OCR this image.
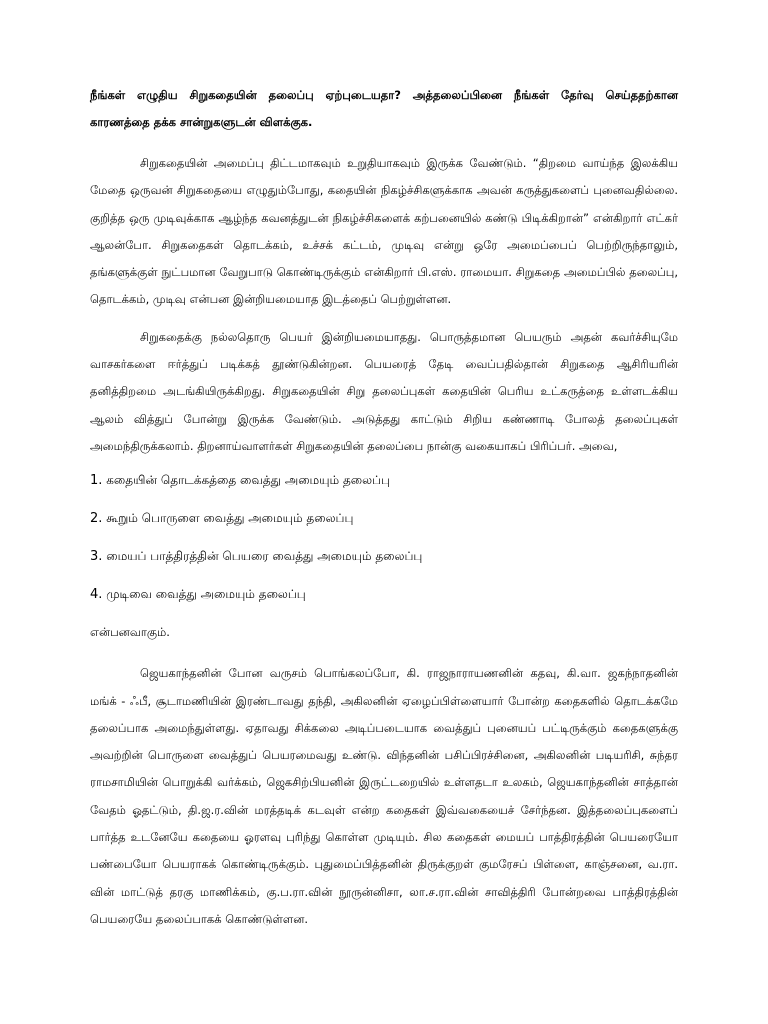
நீங்கள் எழுதிய சிறுகதையின் தலைப்பு ஏற்புடையதா? அத்தலைப்பினை நீங்கள் தேர்வு செய்ததற்கான காரணத்தை தக்க சான்றுகளுடன் விளக்குக.

சிறுகதையின் அமைப்பு திட்டமாகவும் உறுதியாகவும் இருக்க வேண்டும். “திறமை வாய்ந்த இலக்கிய மேதை ஒருவன் சிறுகதையை எழுதும்போது, கதையின் நிகழ்ச்சிகளுக்காக அவன் கருத்துகளைப் புனைவதில்லை. குறித்த ஒரு முடிவுக்காக ஆழ்ந்த கவனத்துடன் நிகழ்ச்சிகளைக் கற்பனையில் கண்டு பிடிக்கிறான்” என்கிறார் எட்கர் ஆலன்போ. சிறுகதைகள் தொடக்கம், உச்சக் கட்டம், முடிவு என்று ஒரே அமைப்பைப் பெற்றிருந்தாலும், தங்களுக்குள் நுட்பமான வேறுபாடு கொண்டிருக்கும் என்கிறார் பி.எஸ். ராமையா. சிறுகதை அமைப்பில் தலைப்பு, தொடக்கம், முடிவு என்பன இன்றியமையாத இடத்தைப் பெற்றுள்ளன.

சிறுகதைக்கு நல்லதொரு பெயர் இன்றியமையாதது. பொருத்தமான பெயரும் அதன் கவர்ச்சியுமே வாசகர்களை ஈர்த்துப் படிக்கத் தூண்டுகின்றன. பெயரைத் தேடி வைப்பதில்தான் சிறுகதை ஆசிரியரின் தனித்திறமை அடங்கியிருக்கிறது. சிறுகதையின் சிறு தலைப்புகள் கதையின் பெரிய உட்கருத்தை உள்ளடக்கிய ஆலம் வித்துப் போன்று இருக்க வேண்டும். அடுத்தது காட்டும் சிறிய கண்ணாடி போலத் தலைப்புகள் அமைந்திருக்கலாம். திறனாய்வாளர்கள் சிறுகதையின் தலைப்பை நான்கு வகையாகப் பிரிப்பர். அவை,

1. கதையின் தொடக்கத்தை வைத்து அமையும் தலைப்பு
2. கூறும் பொருளை வைத்து அமையும் தலைப்பு
3. மையப் பாத்திரத்தின் பெயரை வைத்து அமையும் தலைப்பு
4. முடிவை வைத்து அமையும் தலைப்பு

என்பனவாகும்.

ஜெயகாந்தனின் போன வருசம் பொங்கலப்போ, கி. ராஜநாராயணனின் கதவு, கி.வா. ஜகந்நாதனின் மங்க் - ஃபீ, சூடாமணியின் இரண்டாவது தந்தி, அகிலனின் ஏழைப்பிள்ளையார் போன்ற கதைகளில் தொடக்கமே தலைப்பாக அமைந்துள்ளது. ஏதாவது சிக்கலை அடிப்படையாக வைத்துப் புனையப் பட்டிருக்கும் கதைகளுக்கு அவற்றின் பொருளை வைத்துப் பெயரமைவது உண்டு. விந்தனின் பசிப்பிரச்சினை, அகிலனின் படியரிசி, சுந்தர ராமசாமியின் பொறுக்கி வர்க்கம், ஜெகசிற்பியனின் இருட்டறையில் உள்ளதடா உலகம், ஜெயகாந்தனின் சாத்தான் வேதம் ஓதட்டும், தி.ஜ.ர.வின் மரத்தடிக் கடவுள் என்ற கதைகள் இவ்வகையைச் சேர்ந்தன. இத்தலைப்புகளைப் பார்த்த உடனேயே கதையை ஓரளவு புரிந்து கொள்ள முடியும். சில கதைகள் மையப் பாத்திரத்தின் பெயரையோ பண்பையோ பெயராகக் கொண்டிருக்கும். புதுமைப்பித்தனின் திருக்குறள் குமரேசப் பிள்ளை, காஞ்சனை, வ.ரா. வின் மாட்டுத் தரகு மாணிக்கம், கு.ப.ரா.வின் நூருன்னிசா, லா.ச.ரா.வின் சாவித்திரி போன்றவை பாத்திரத்தின் பெயரையே தலைப்பாகக் கொண்டுள்ளன.
